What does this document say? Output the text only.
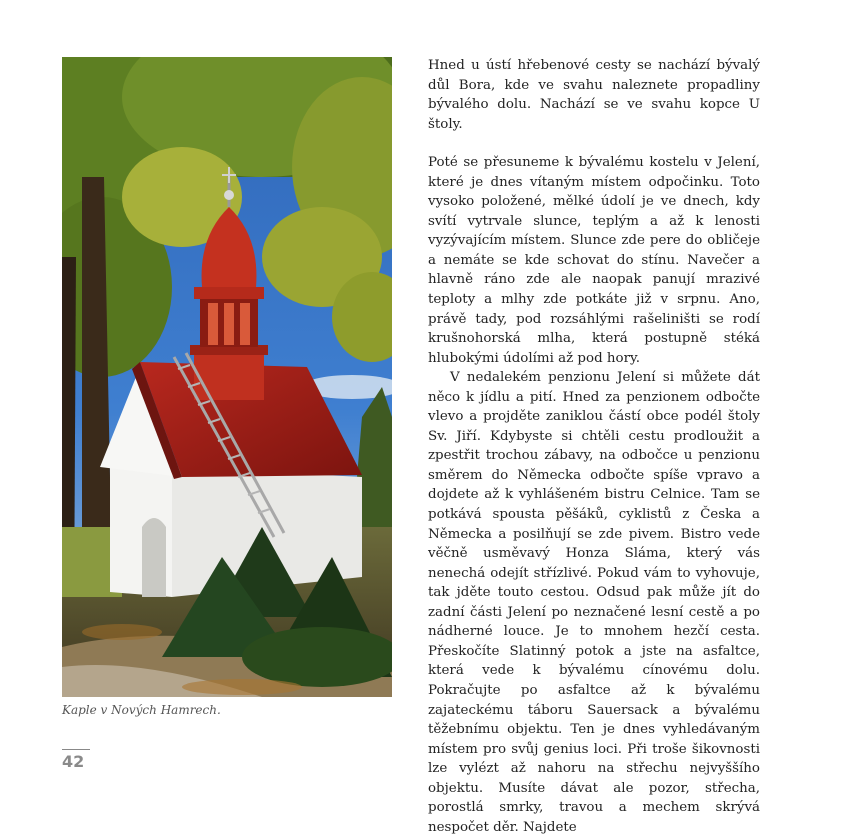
Kaple v Nových Hamrech.
42

Hned u ústí hřebenové cesty se nachází bývalý důl Bora, kde ve svahu naleznete propadliny bývalého dolu. Nachází se ve svahu kopce U štoly.

Poté se přesuneme k bývalému kostelu v Jelení, které je dnes vítaným místem odpočinku. Toto vysoko položené, mělké údolí je ve dnech, kdy svítí vytrvale slunce, teplým a až k lenosti vyzývajícím místem. Slunce zde pere do obličeje a nemáte se kde schovat do stínu. Navečer a hlavně ráno zde ale naopak panují mrazivé teploty a mlhy zde potkáte již v srpnu. Ano, právě tady, pod rozsáhlými rašeliništi se rodí krušnohorská mlha, která postupně stéká hlubokými údolími až pod hory.

V nedalekém penzionu Jelení si můžete dát něco k jídlu a pití. Hned za penzionem odbočte vlevo a projděte zaniklou částí obce podél štoly Sv. Jiří. Kdybyste si chtěli cestu prodloužit a zpestřit trochou zábavy, na odbočce u penzionu směrem do Německa odbočte spíše vpravo a dojdete až k vyhlášeném bistru Celnice. Tam se potkává spousta pěšáků, cyklistů z Česka a Německa a posilňují se zde pivem. Bistro vede věčně usměvavý Honza Sláma, který vás nenechá odejít střízlivé. Pokud vám to vyhovuje, tak jděte touto cestou. Odsud pak může jít do zadní části Jelení po neznačené lesní cestě a po nádherné louce. Je to mnohem hezčí cesta. Přeskočíte Slatinný potok a jste na asfaltce, která vede k bývalému cínovému dolu. Pokračujte po asfaltce až k bývalému zajateckému táboru Sauersack a bývalému těžebnímu objektu. Ten je dnes vyhledávaným místem pro svůj genius loci. Při troše šikovnosti lze vylézt až nahoru na střechu nejvyššího objektu. Musíte dávat ale pozor, střecha, porostlá smrky, travou a mechem skrývá nespočet děr. Najdete
